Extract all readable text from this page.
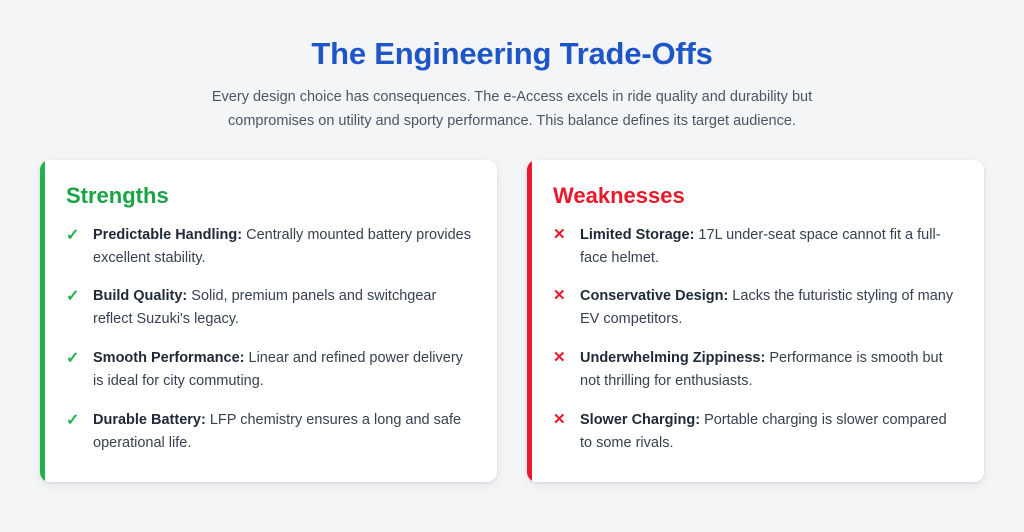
The Engineering Trade-Offs

Every design choice has consequences. The e-Access excels in ride quality and durability but compromises on utility and sporty performance. This balance defines its target audience.

Strengths
✓ Predictable Handling: Centrally mounted battery provides excellent stability.
✓ Build Quality: Solid, premium panels and switchgear reflect Suzuki's legacy.
✓ Smooth Performance: Linear and refined power delivery is ideal for city commuting.
✓ Durable Battery: LFP chemistry ensures a long and safe operational life.
Weaknesses
✕ Limited Storage: 17L under-seat space cannot fit a full-face helmet.
✕ Conservative Design: Lacks the futuristic styling of many EV competitors.
✕ Underwhelming Zippiness: Performance is smooth but not thrilling for enthusiasts.
✕ Slower Charging: Portable charging is slower compared to some rivals.
